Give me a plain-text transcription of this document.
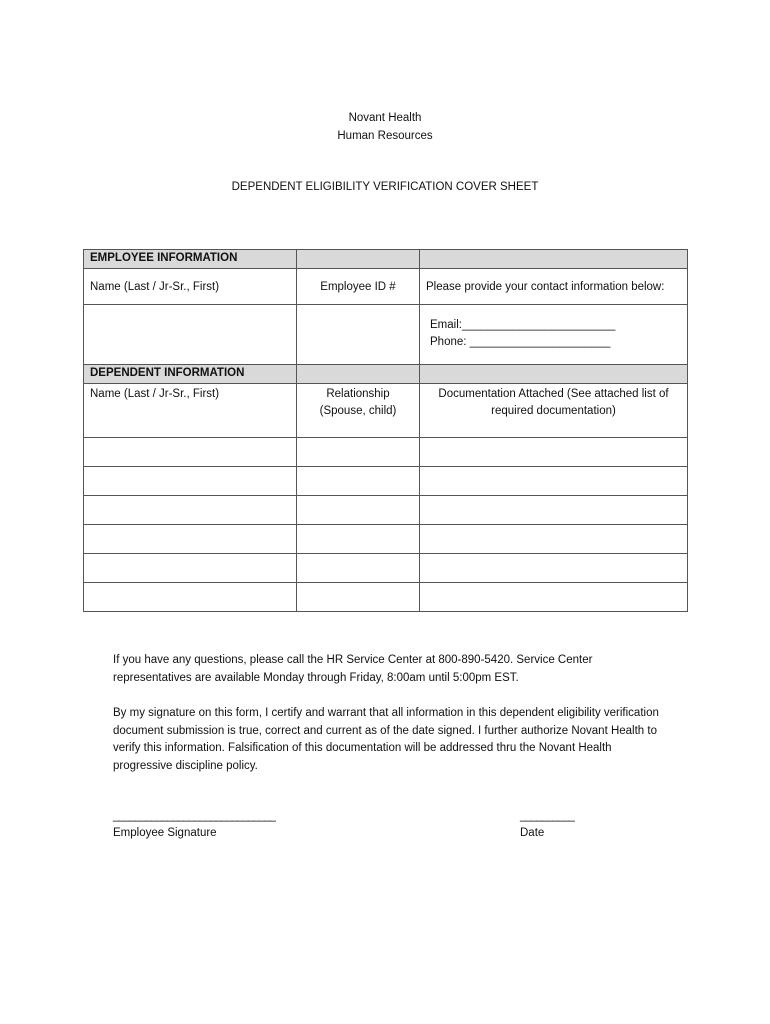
Novant Health
Human Resources
DEPENDENT ELIGIBILITY VERIFICATION COVER SHEET
EMPLOYEE INFORMATION		
Name (Last / Jr-Sr., First)	Employee ID #	Please provide your contact information below:

		Email:________________________
Phone: ______________________

DEPENDENT INFORMATION		
Name (Last / Jr-Sr., First)	Relationship (Spouse, child)	Documentation Attached (See attached list of required documentation)

If you have any questions, please call the HR Service Center at 800-890-5420. Service Center representatives are available Monday through Friday, 8:00am until 5:00pm EST.
By my signature on this form, I certify and warrant that all information in this dependent eligibility verification document submission is true, correct and current as of the date signed. I further authorize Novant Health to verify this information. Falsification of this documentation will be addressed thru the Novant Health progressive discipline policy.
______________________________	__________
Employee Signature	Date
